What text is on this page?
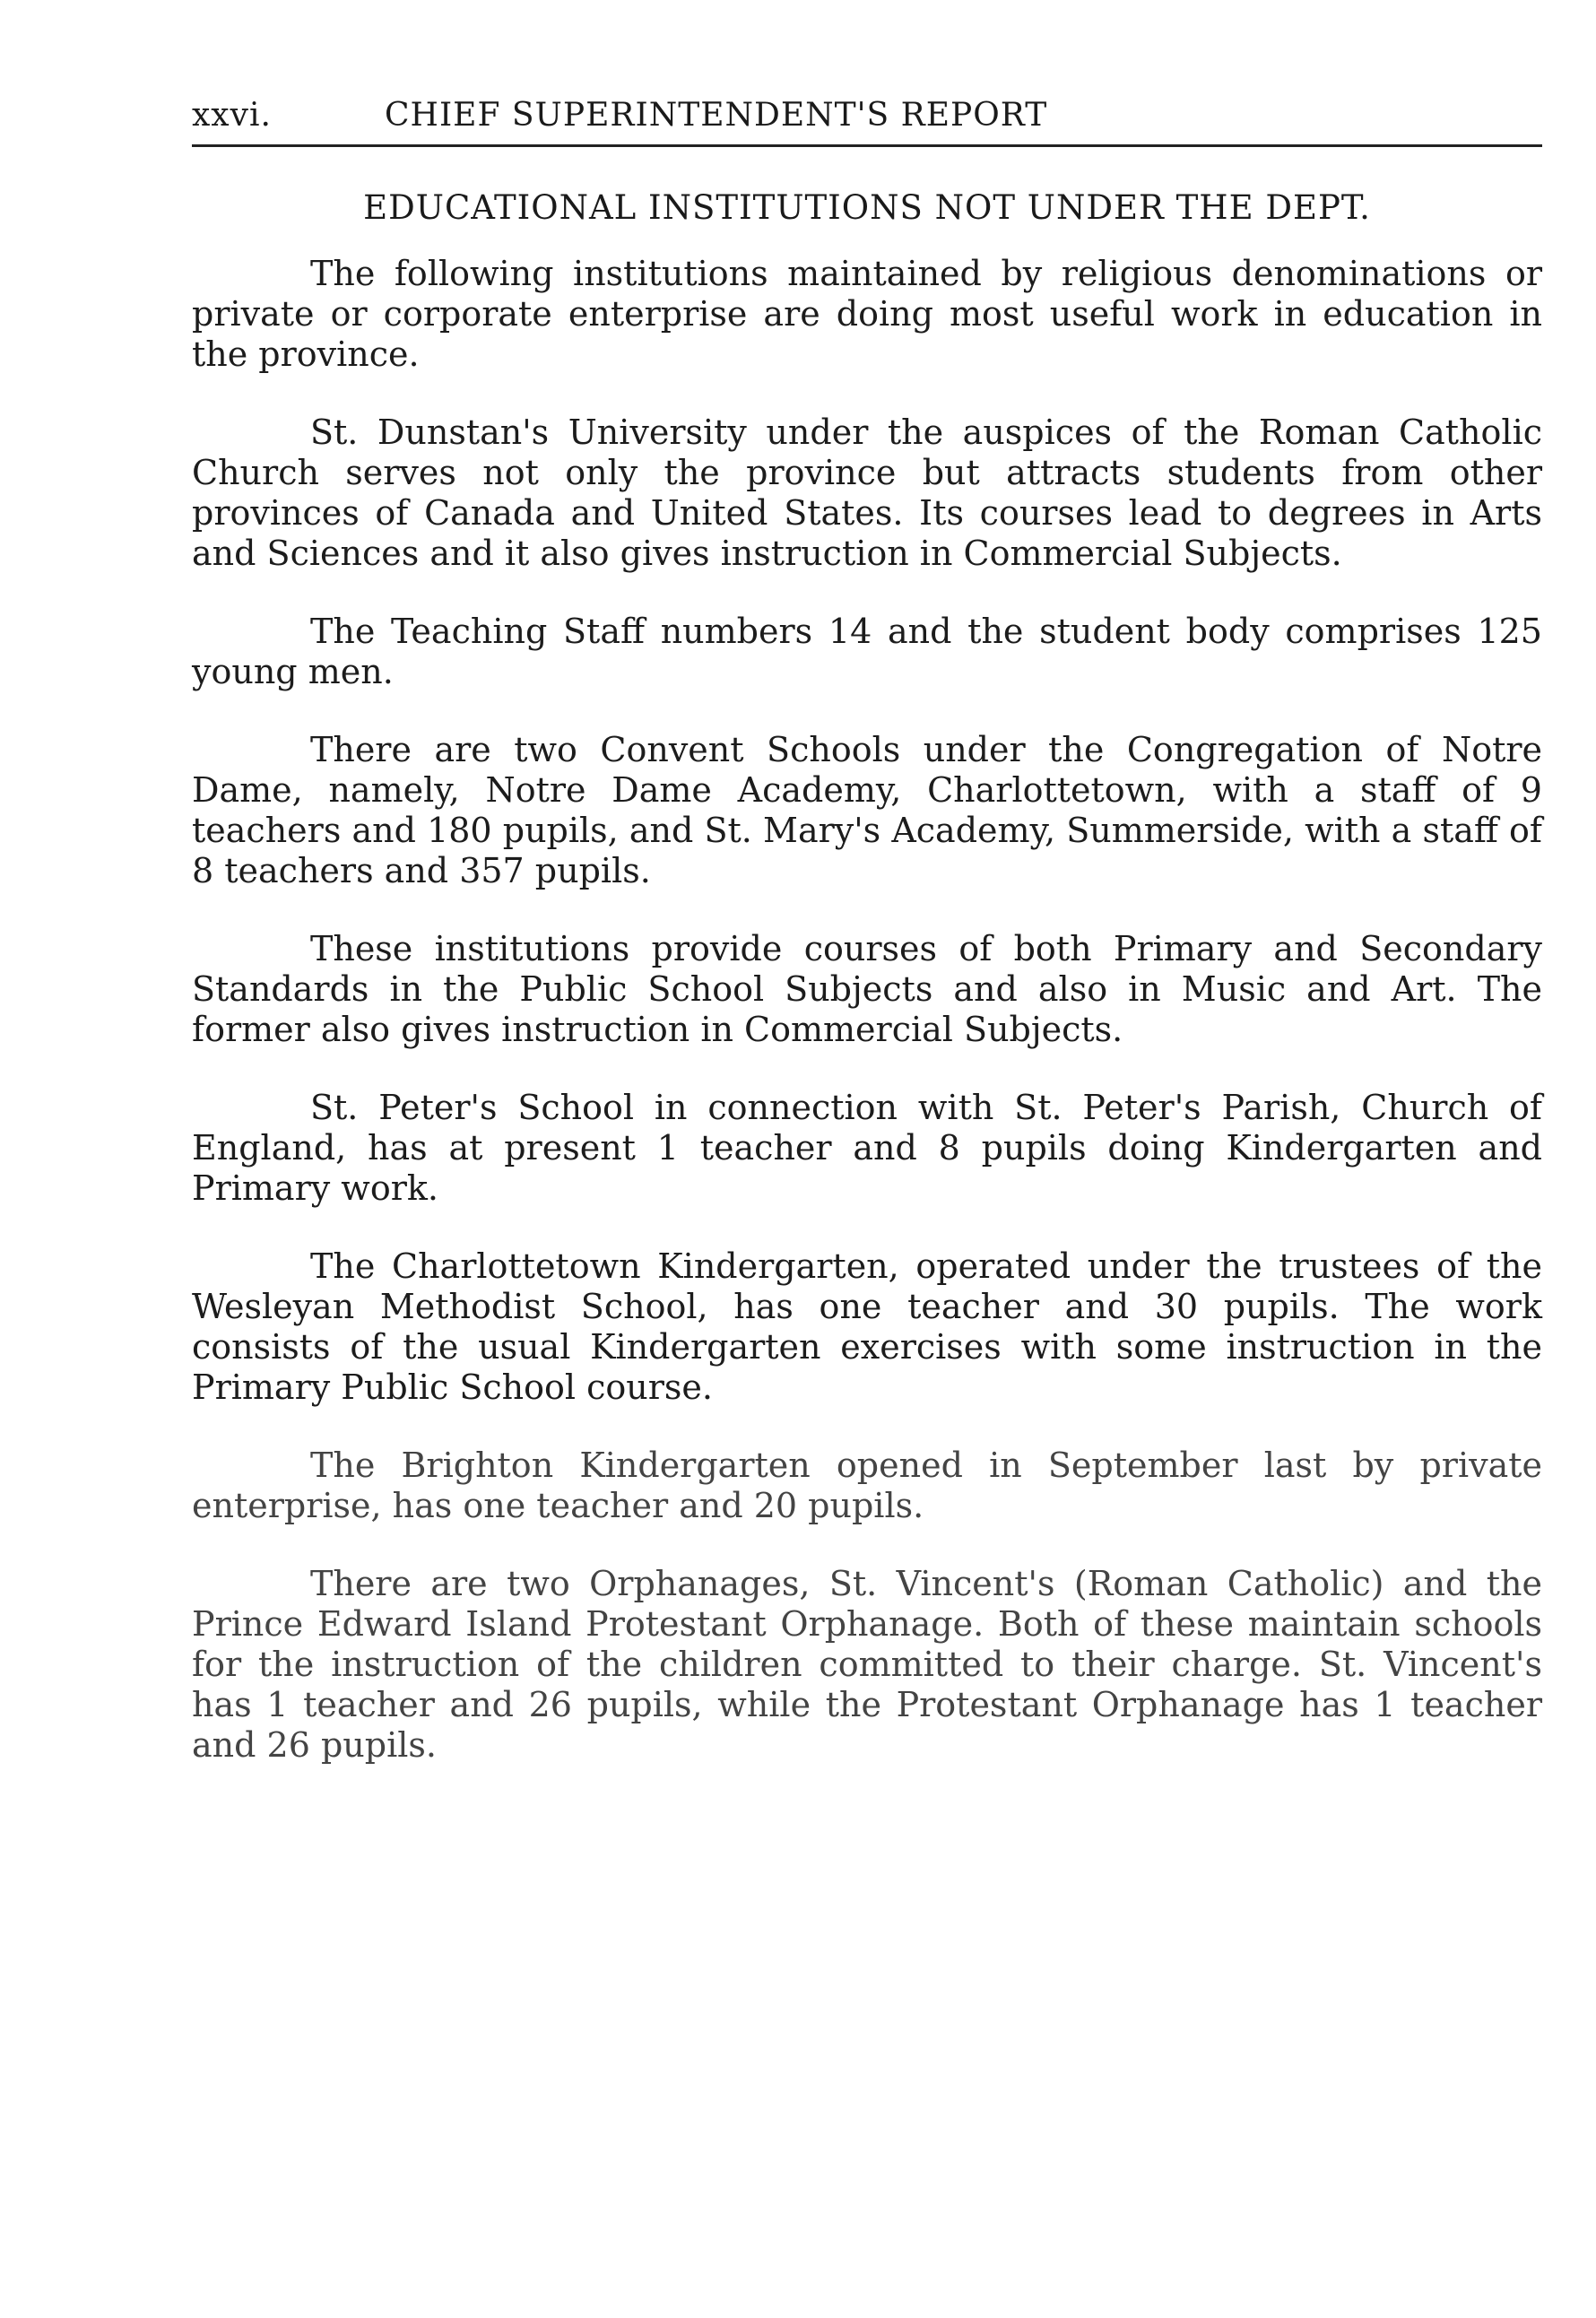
xxvi.	CHIEF SUPERINTENDENT'S REPORT
EDUCATIONAL INSTITUTIONS NOT UNDER THE DEPT.

The following institutions maintained by religious denominations or private or corporate enterprise are doing most useful work in education in the province.

St. Dunstan's University under the auspices of the Roman Catholic Church serves not only the province but attracts students from other provinces of Canada and United States. Its courses lead to degrees in Arts and Sciences and it also gives instruction in Commercial Subjects.

The Teaching Staff numbers 14 and the student body comprises 125 young men.

There are two Convent Schools under the Congregation of Notre Dame, namely, Notre Dame Academy, Charlottetown, with a staff of 9 teachers and 180 pupils, and St. Mary's Academy, Summerside, with a staff of 8 teachers and 357 pupils.

These institutions provide courses of both Primary and Secondary Standards in the Public School Subjects and also in Music and Art. The former also gives instruction in Commercial Subjects.

St. Peter's School in connection with St. Peter's Parish, Church of England, has at present 1 teacher and 8 pupils doing Kindergarten and Primary work.

The Charlottetown Kindergarten, operated under the trustees of the Wesleyan Methodist School, has one teacher and 30 pupils. The work consists of the usual Kindergarten exercises with some instruction in the Primary Public School course.

The Brighton Kindergarten opened in September last by private enterprise, has one teacher and 20 pupils.

There are two Orphanages, St. Vincent's (Roman Catholic) and the Prince Edward Island Protestant Orphanage. Both of these maintain schools for the instruction of the children committed to their charge. St. Vincent's has 1 teacher and 26 pupils, while the Protestant Orphanage has 1 teacher and 26 pupils.
